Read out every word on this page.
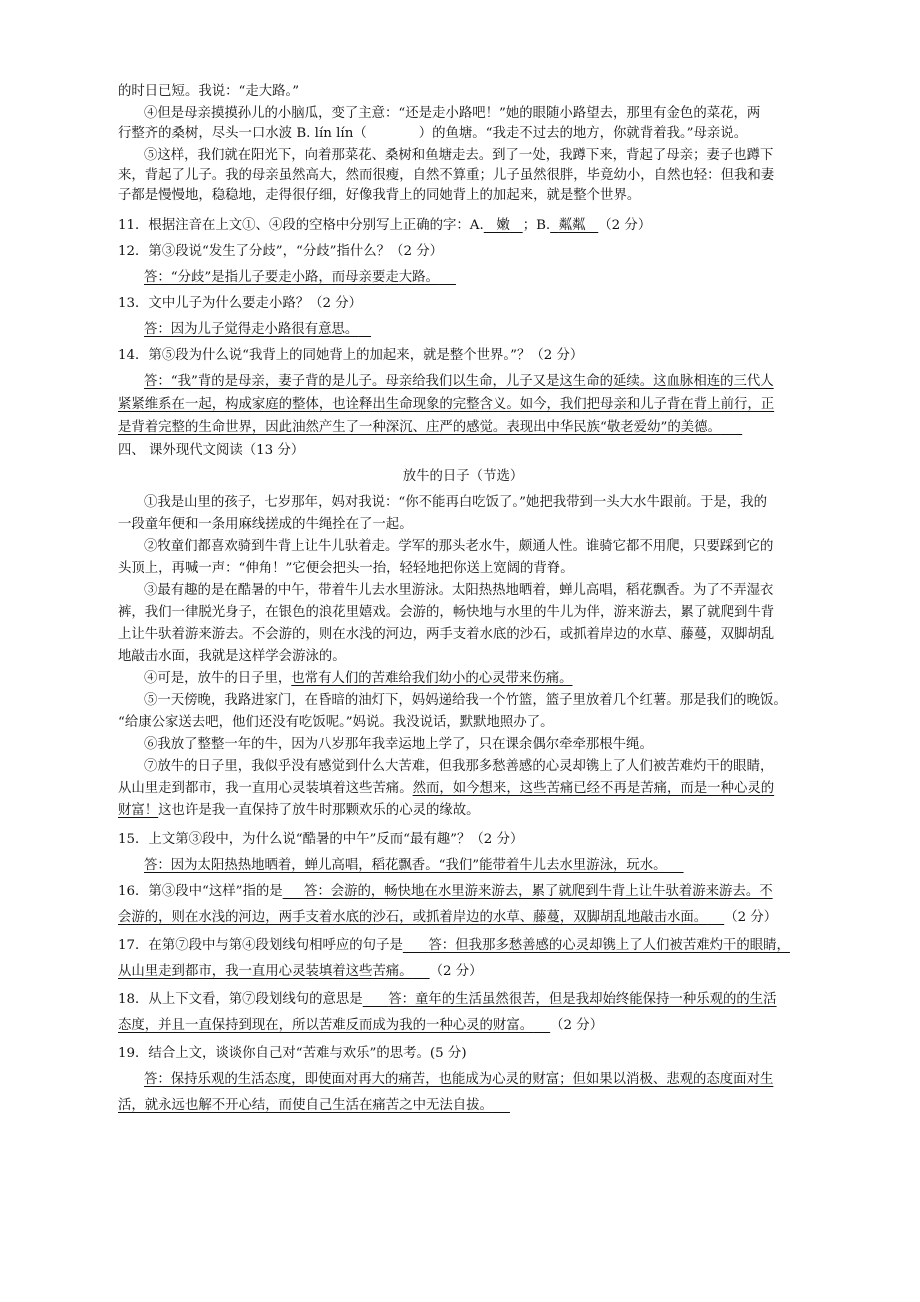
的时日已短。我说：“走大路。”
④但是母亲摸摸孙儿的小脑瓜，变了主意：“还是走小路吧！”她的眼随小路望去，那里有金色的菜花，两
行整齐的桑树，尽头一口水波 B. lín lín（	）的鱼塘。“我走不过去的地方，你就背着我。”母亲说。
⑤这样，我们就在阳光下，向着那菜花、桑树和鱼塘走去。到了一处，我蹲下来，背起了母亲；妻子也蹲下
来，背起了儿子。我的母亲虽然高大，然而很瘦，自然不算重；儿子虽然很胖，毕竟幼小，自然也轻：但我和妻
子都是慢慢地，稳稳地，走得很仔细，好像我背上的同她背上的加起来，就是整个世界。
11．根据注音在上文①、④段的空格中分别写上正确的字：A. 嫩 ；B. 粼粼 （2 分）
12．第③段说“发生了分歧”，“分歧”指什么？（2 分）
答：“分歧”是指儿子要走小路，而母亲要走大路。
13．文中儿子为什么要走小路？（2 分）
答：因为儿子觉得走小路很有意思。
14．第⑤段为什么说“我背上的同她背上的加起来，就是整个世界。”？（2 分）
答：“我”背的是母亲，妻子背的是儿子。母亲给我们以生命，儿子又是这生命的延续。这血脉相连的三代人
紧紧维系在一起，构成家庭的整体，也诠释出生命现象的完整含义。如今，我们把母亲和儿子背在背上前行，正
是背着完整的生命世界，因此油然产生了一种深沉、庄严的感觉。表现出中华民族“敬老爱幼”的美德。
四、 课外现代文阅读（13 分）
放牛的日子（节选）
①我是山里的孩子，七岁那年，妈对我说：“你不能再白吃饭了。”她把我带到一头大水牛跟前。于是，我的
一段童年便和一条用麻线搓成的牛绳拴在了一起。
②牧童们都喜欢骑到牛背上让牛儿驮着走。学军的那头老水牛，颇通人性。谁骑它都不用爬，只要踩到它的
头顶上，再喊一声：“伸角！”它便会把头一抬，轻轻地把你送上宽阔的背脊。
③最有趣的是在酷暑的中午，带着牛儿去水里游泳。太阳热热地晒着，蝉儿高唱，稻花飘香。为了不弄湿衣
裤，我们一律脱光身子，在银色的浪花里嬉戏。会游的，畅快地与水里的牛儿为伴，游来游去，累了就爬到牛背
上让牛驮着游来游去。不会游的，则在水浅的河边，两手支着水底的沙石，或抓着岸边的水草、藤蔓，双脚胡乱
地敲击水面，我就是这样学会游泳的。
④可是，放牛的日子里，也常有人们的苦难给我们幼小的心灵带来伤痛。
⑤一天傍晚，我路进家门，在昏暗的油灯下，妈妈递给我一个竹篮，篮子里放着几个红薯。那是我们的晚饭。
“给康公家送去吧，他们还没有吃饭呢。”妈说。我没说话，默默地照办了。
⑥我放了整整一年的牛，因为八岁那年我幸运地上学了，只在课余偶尔牵牵那根牛绳。
⑦放牛的日子里，我似乎没有感觉到什么大苦难，但我那多愁善感的心灵却镌上了人们被苦难灼干的眼睛，
从山里走到都市，我一直用心灵装填着这些苦痛。然而，如今想来，这些苦痛已经不再是苦痛，而是一种心灵的
财富！这也许是我一直保持了放牛时那颗欢乐的心灵的缘故。
15．上文第③段中，为什么说“酷暑的中午”反而“最有趣”？（2 分）
答：因为太阳热热地晒着，蝉儿高唱，稻花飘香。“我们”能带着牛儿去水里游泳，玩水。
16．第③段中“这样”指的是 答：会游的，畅快地在水里游来游去，累了就爬到牛背上让牛驮着游来游去。不
会游的，则在水浅的河边，两手支着水底的沙石，或抓着岸边的水草、藤蔓，双脚胡乱地敲击水面。 （2 分）
17．在第⑦段中与第④段划线句相呼应的句子是 答：但我那多愁善感的心灵却镌上了人们被苦难灼干的眼睛，
从山里走到都市，我一直用心灵装填着这些苦痛。 （2 分）
18．从上下文看，第⑦段划线句的意思是 答：童年的生活虽然很苦，但是我却始终能保持一种乐观的的生活
态度，并且一直保持到现在，所以苦难反而成为我的一种心灵的财富。 （2 分）
19．结合上文，谈谈你自己对“苦难与欢乐”的思考。(5 分)
答：保持乐观的生活态度，即使面对再大的痛苦，也能成为心灵的财富；但如果以消极、悲观的态度面对生
活，就永远也解不开心结，而使自己生活在痛苦之中无法自拔。
